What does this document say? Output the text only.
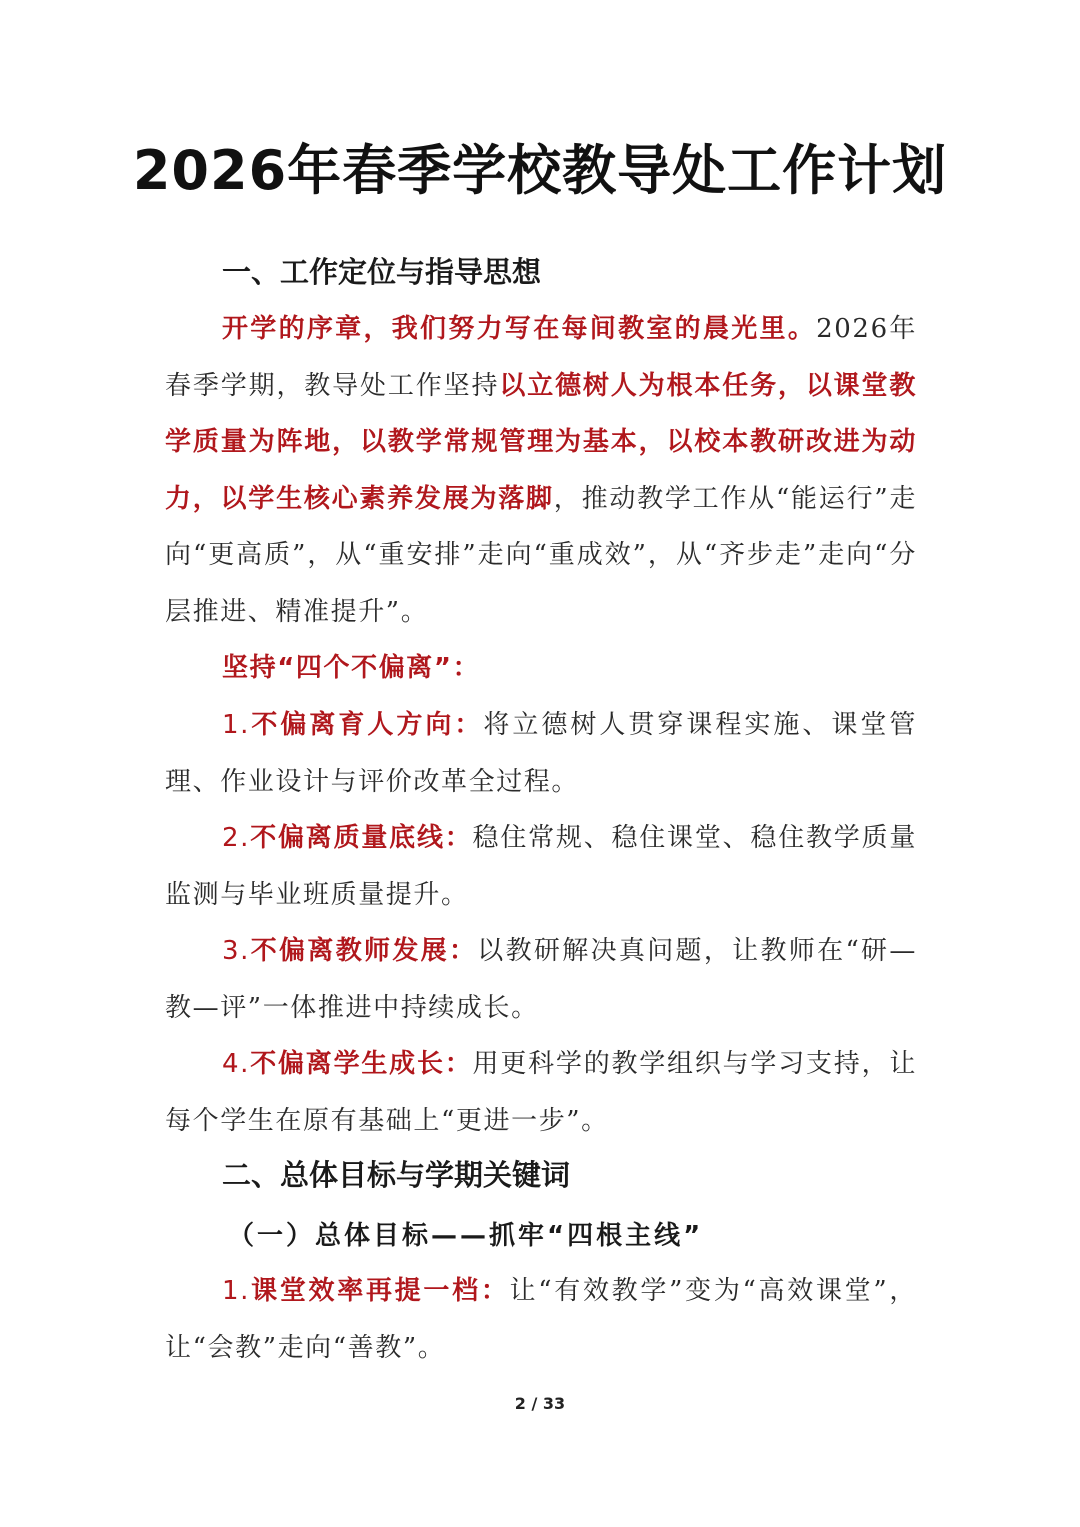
2026年春季学校教导处工作计划
一、工作定位与指导思想
开学的序章，我们努力写在每间教室的晨光里。2026年春季学期，教导处工作坚持以立德树人为根本任务，以课堂教学质量为阵地，以教学常规管理为基本，以校本教研改进为动力，以学生核心素养发展为落脚，推动教学工作从“能运行”走向“更高质”，从“重安排”走向“重成效”，从“齐步走”走向“分层推进、精准提升”。
坚持“四个不偏离”：
1.不偏离育人方向：将立德树人贯穿课程实施、课堂管理、作业设计与评价改革全过程。
2.不偏离质量底线：稳住常规、稳住课堂、稳住教学质量监测与毕业班质量提升。
3.不偏离教师发展：以教研解决真问题，让教师在“研—教—评”一体推进中持续成长。
4.不偏离学生成长：用更科学的教学组织与学习支持，让每个学生在原有基础上“更进一步”。
二、总体目标与学期关键词
（一）总体目标——抓牢“四根主线”
1.课堂效率再提一档：让“有效教学”变为“高效课堂”，让“会教”走向“善教”。
2 / 33
